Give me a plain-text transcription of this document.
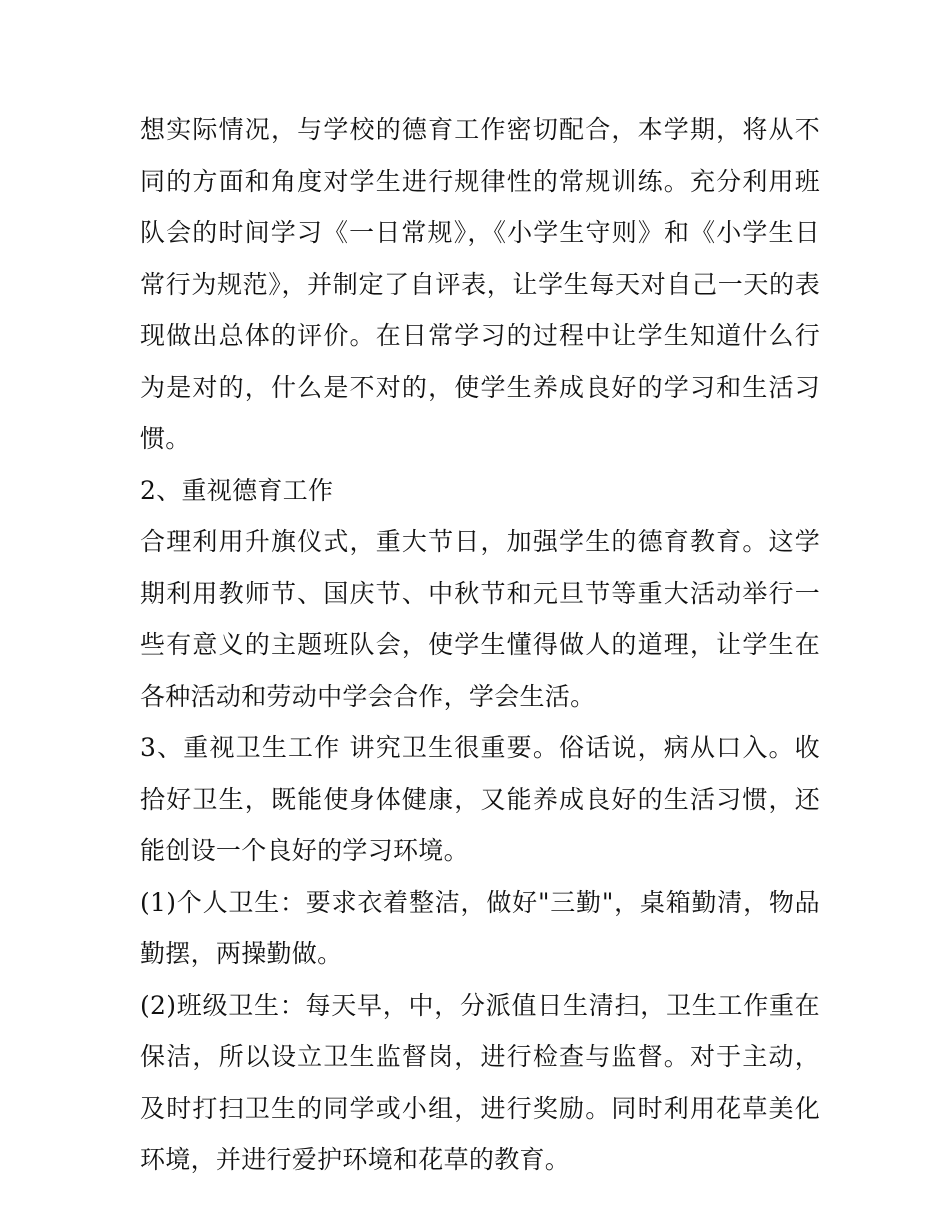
想实际情况，与学校的德育工作密切配合，本学期，将从不同的方面和角度对学生进行规律性的常规训练。充分利用班队会的时间学习《一日常规》，《小学生守则》和《小学生日常行为规范》，并制定了自评表，让学生每天对自己一天的表现做出总体的评价。在日常学习的过程中让学生知道什么行为是对的，什么是不对的，使学生养成良好的学习和生活习惯。

2、重视德育工作

合理利用升旗仪式，重大节日，加强学生的德育教育。这学期利用教师节、国庆节、中秋节和元旦节等重大活动举行一些有意义的主题班队会，使学生懂得做人的道理，让学生在各种活动和劳动中学会合作，学会生活。

3、重视卫生工作 讲究卫生很重要。俗话说，病从口入。收拾好卫生，既能使身体健康，又能养成良好的生活习惯，还能创设一个良好的学习环境。

(1)个人卫生：要求衣着整洁，做好"三勤"，桌箱勤清，物品勤摆，两操勤做。

(2)班级卫生：每天早，中，分派值日生清扫，卫生工作重在保洁，所以设立卫生监督岗，进行检查与监督。对于主动，及时打扫卫生的同学或小组，进行奖励。同时利用花草美化环境，并进行爱护环境和花草的教育。
